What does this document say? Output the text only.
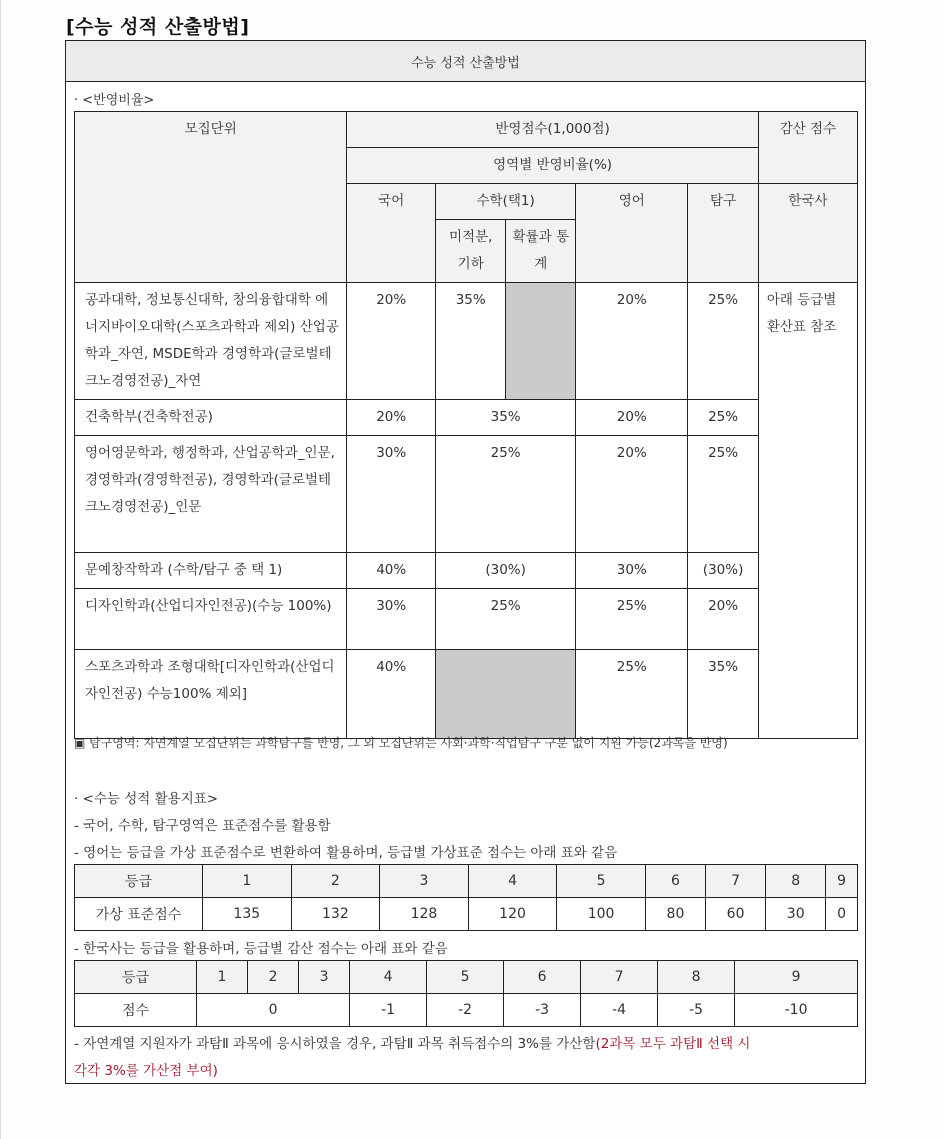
[수능 성적 산출방법]
수능 성적 산출방법
· <반영비율>
모집단위	반영점수(1,000점)					감산 점수
	영역별 반영비율(%)					
	국어	수학(택1)		영어	탐구	한국사
		미적분, 기하	확률과 통계			
공과대학, 정보통신대학, 창의융합대학 에너지바이오대학(스포츠과학과 제외) 산업공학과_자연, MSDE학과 경영학과(글로벌테크노경영전공)_자연	20%	35%		20%	25%	아래 등급별 환산표 참조
건축학부(건축학전공)	20%	35%		20%	25%	
영어영문학과, 행정학과, 산업공학과_인문, 경영학과(경영학전공), 경영학과(글로벌테크노경영전공)_인문	30%	25%		20%	25%	
문예창작학과 (수학/탐구 중 택 1)	40%	(30%)		30%	(30%)	
디자인학과(산업디자인전공)(수능 100%)	30%	25%		25%	20%	
스포츠과학과 조형대학[디자인학과(산업디자인전공) 수능100% 제외]	40%			25%	35%	
▣ 탐구영역: 자연계열 모집단위는 과학탐구를 반영, 그 외 모집단위는 사회·과학·직업탐구 구분 없이 지원 가능(2과목을 반영)
· <수능 성적 활용지표>
- 국어, 수학, 탐구영역은 표준점수를 활용함
- 영어는 등급을 가상 표준점수로 변환하여 활용하며, 등급별 가상표준 점수는 아래 표와 같음
등급	1	2	3	4	5	6	7	8	9
가상 표준점수	135	132	128	120	100	80	60	30	0
- 한국사는 등급을 활용하며, 등급별 감산 점수는 아래 표와 같음
등급	1	2	3	4	5	6	7	8	9
점수	0			-1	-2	-3	-4	-5	-10
- 자연계열 지원자가 과탐Ⅱ 과목에 응시하였을 경우, 과탐Ⅱ 과목 취득점수의 3%를 가산함(2과목 모두 과탐Ⅱ 선택 시
각각 3%를 가산점 부여)
